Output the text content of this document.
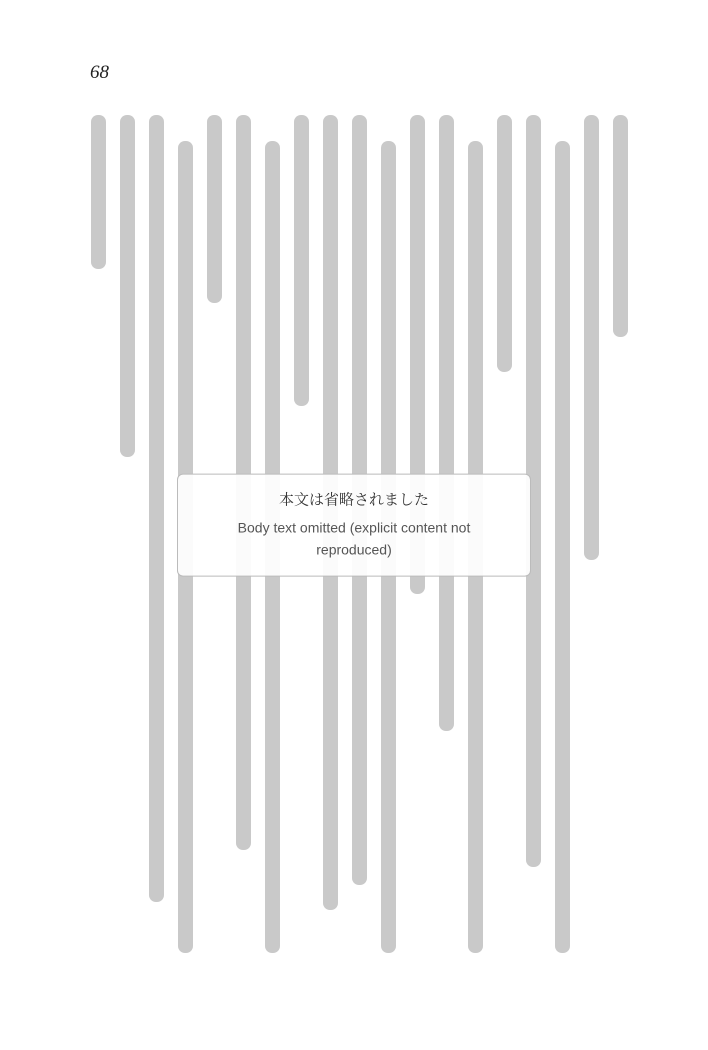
68
本文は省略されました
Body text omitted (explicit content not reproduced)
